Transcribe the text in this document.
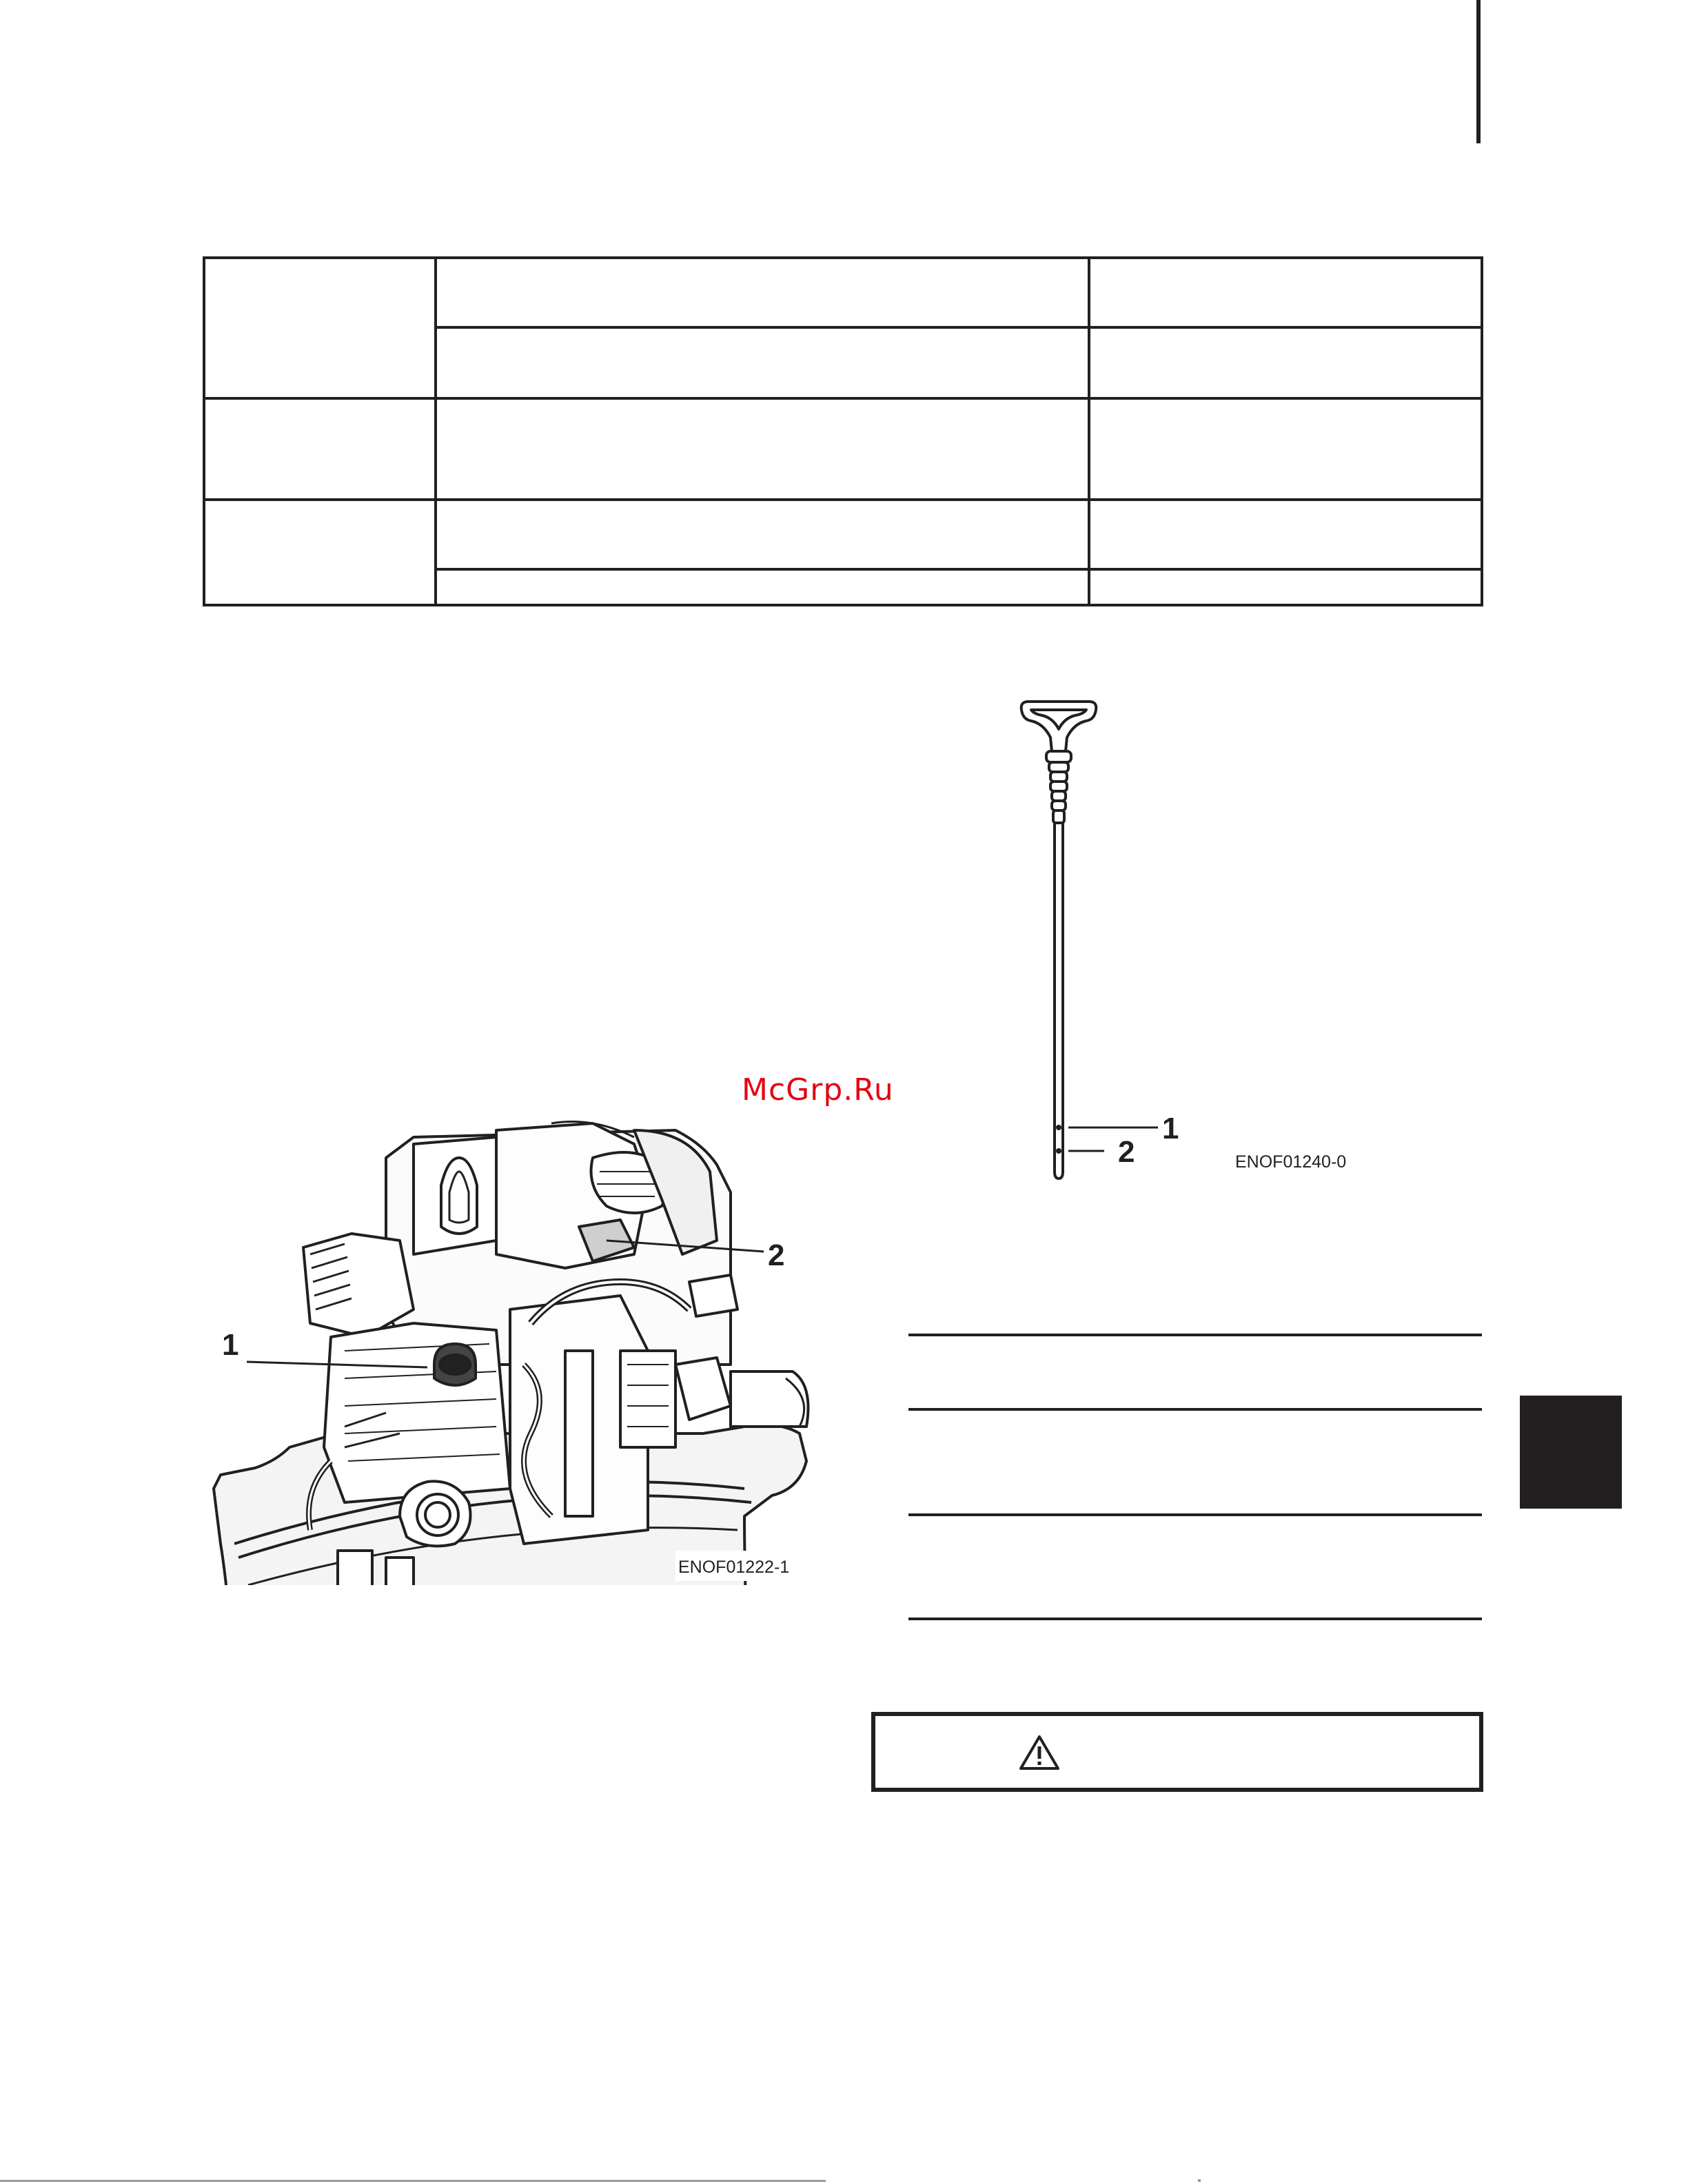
1
2	ENOF01240-0
McGrp.Ru
1
2
ENOF01222-1
